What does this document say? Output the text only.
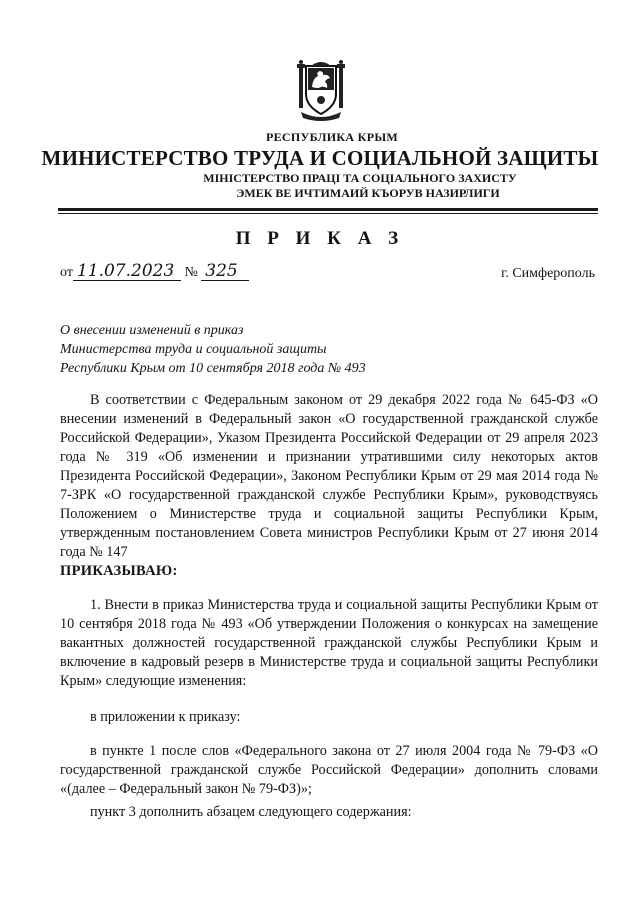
РЕСПУБЛИКА КРЫМ
МИНИСТЕРСТВО ТРУДА И СОЦИАЛЬНОЙ ЗАЩИТЫ
МІНІСТЕРСТВО ПРАЦІ ТА СОЦІАЛЬНОГО ЗАХИСТУ
ЭМЕК ВЕ ИЧТИМАИЙ КЪОРУВ НАЗИРЛИГИ
П Р И К А З
от 11.07.2023 № 325	г. Симферополь
О внесении изменений в приказ
Министерства труда и социальной защиты
Республики Крым от 10 сентября 2018 года № 493
В соответствии с Федеральным законом от 29 декабря 2022 года № 645-ФЗ «О внесении изменений в Федеральный закон «О государственной гражданской службе Российской Федерации», Указом Президента Российской Федерации от 29 апреля 2023 года № 319 «Об изменении и признании утратившими силу некоторых актов Президента Российской Федерации», Законом Республики Крым от 29 мая 2014 года № 7-ЗРК «О государственной гражданской службе Республики Крым», руководствуясь Положением о Министерстве труда и социальной защиты Республики Крым, утвержденным постановлением Совета министров Республики Крым от 27 июня 2014 года № 147
ПРИКАЗЫВАЮ:
1. Внести в приказ Министерства труда и социальной защиты Республики Крым от 10 сентября 2018 года № 493 «Об утверждении Положения о конкурсах на замещение вакантных должностей государственной гражданской службы Республики Крым и включение в кадровый резерв в Министерстве труда и социальной защиты Республики Крым» следующие изменения:
в приложении к приказу:
в пункте 1 после слов «Федерального закона от 27 июля 2004 года № 79-ФЗ «О государственной гражданской службе Российской Федерации» дополнить словами «(далее – Федеральный закон № 79-ФЗ)»;
пункт 3 дополнить абзацем следующего содержания:
